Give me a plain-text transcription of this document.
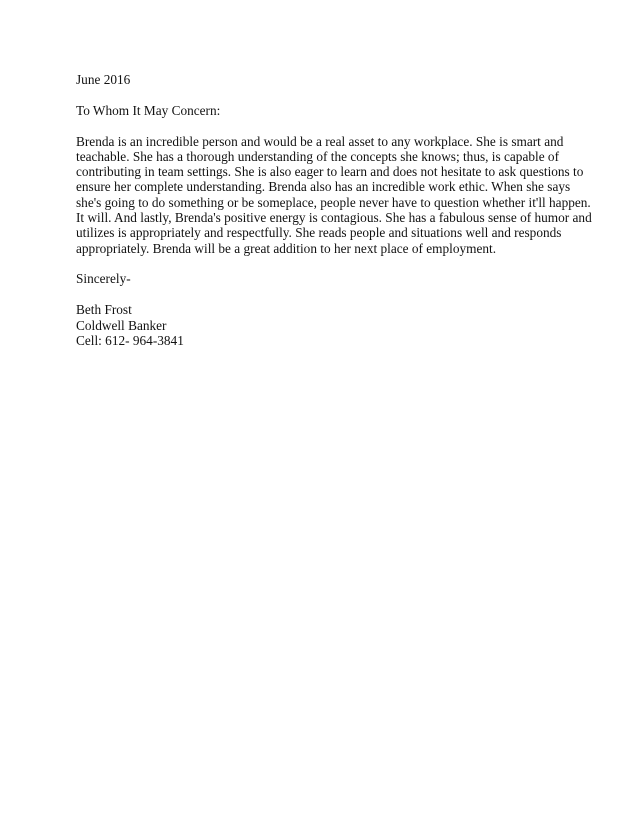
June 2016

To Whom It May Concern:

Brenda is an incredible person and would be a real asset to any workplace. She is smart and
teachable. She has a thorough understanding of the concepts she knows; thus, is capable of
contributing in team settings. She is also eager to learn and does not hesitate to ask questions to
ensure her complete understanding. Brenda also has an incredible work ethic. When she says
she's going to do something or be someplace, people never have to question whether it'll happen.
It will. And lastly, Brenda's positive energy is contagious. She has a fabulous sense of humor and
utilizes is appropriately and respectfully. She reads people and situations well and responds
appropriately. Brenda will be a great addition to her next place of employment.

Sincerely-

Beth Frost
Coldwell Banker
Cell: 612- 964-3841
